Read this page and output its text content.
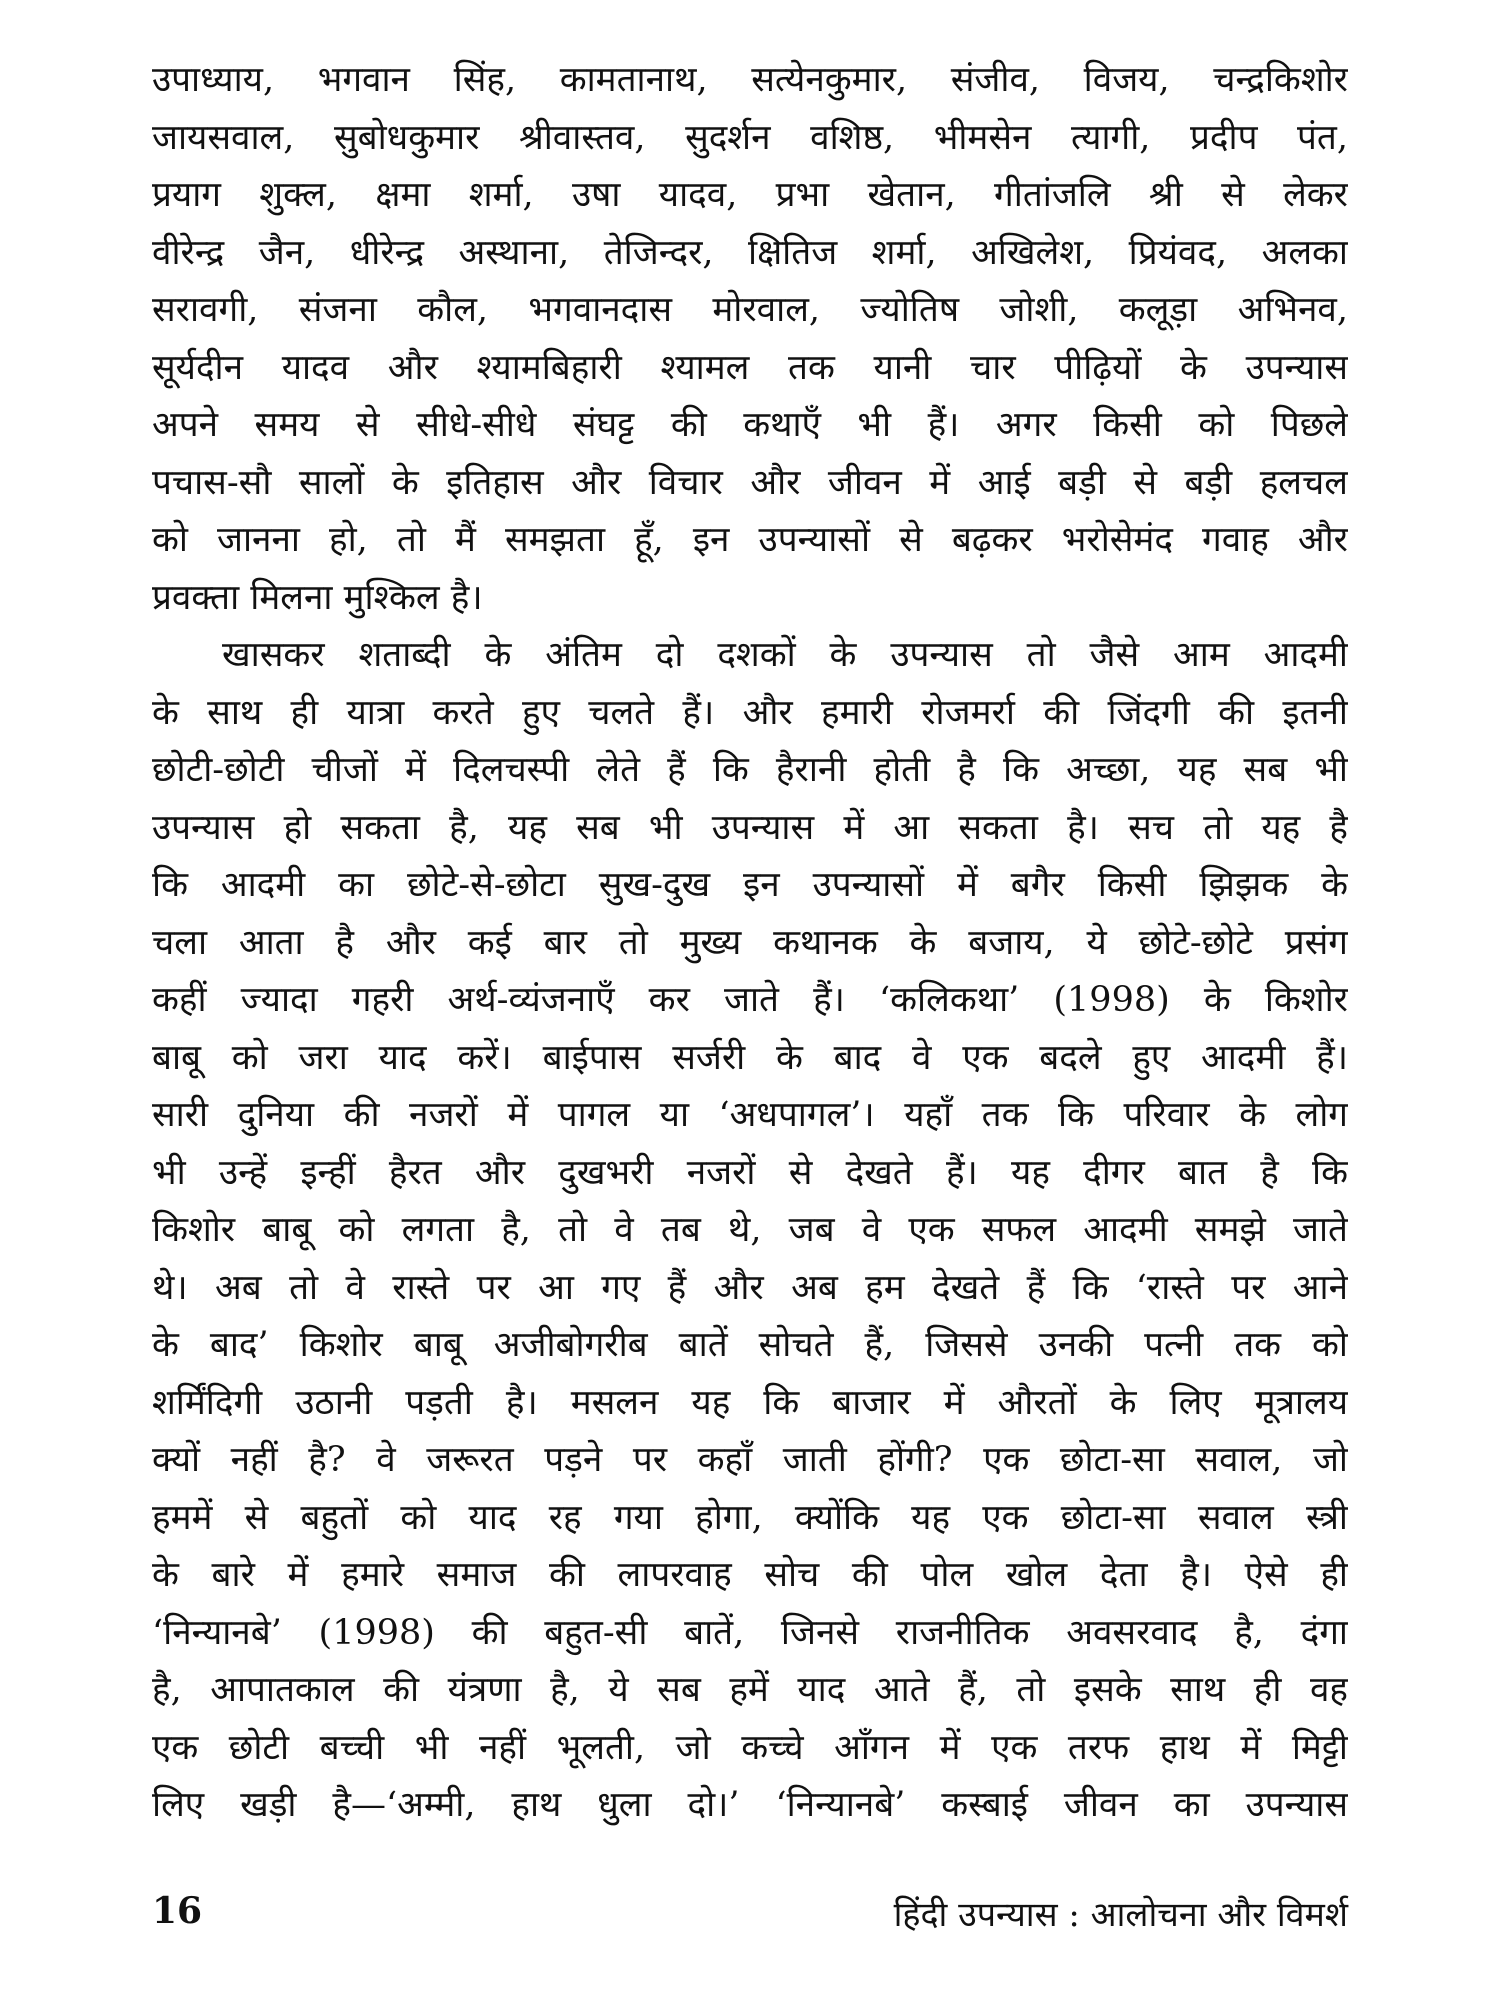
उपाध्याय, भगवान सिंह, कामतानाथ, सत्येनकुमार, संजीव, विजय, चन्द्रकिशोर
जायसवाल, सुबोधकुमार श्रीवास्तव, सुदर्शन वशिष्ठ, भीमसेन त्यागी, प्रदीप पंत,
प्रयाग शुक्ल, क्षमा शर्मा, उषा यादव, प्रभा खेतान, गीतांजलि श्री से लेकर
वीरेन्द्र जैन, धीरेन्द्र अस्थाना, तेजिन्दर, क्षितिज शर्मा, अखिलेश, प्रियंवद, अलका
सरावगी, संजना कौल, भगवानदास मोरवाल, ज्योतिष जोशी, कलूड़ा अभिनव,
सूर्यदीन यादव और श्यामबिहारी श्यामल तक यानी चार पीढ़ियों के उपन्यास
अपने समय से सीधे-सीधे संघट्ट की कथाएँ भी हैं। अगर किसी को पिछले
पचास-सौ सालों के इतिहास और विचार और जीवन में आई बड़ी से बड़ी हलचल
को जानना हो, तो मैं समझता हूँ, इन उपन्यासों से बढ़कर भरोसेमंद गवाह और
प्रवक्ता मिलना मुश्किल है।
खासकर शताब्दी के अंतिम दो दशकों के उपन्यास तो जैसे आम आदमी
के साथ ही यात्रा करते हुए चलते हैं। और हमारी रोजमर्रा की जिंदगी की इतनी
छोटी-छोटी चीजों में दिलचस्पी लेते हैं कि हैरानी होती है कि अच्छा, यह सब भी
उपन्यास हो सकता है, यह सब भी उपन्यास में आ सकता है। सच तो यह है
कि आदमी का छोटे-से-छोटा सुख-दुख इन उपन्यासों में बगैर किसी झिझक के
चला आता है और कई बार तो मुख्य कथानक के बजाय, ये छोटे-छोटे प्रसंग
कहीं ज्यादा गहरी अर्थ-व्यंजनाएँ कर जाते हैं। ‘कलिकथा’ (1998) के किशोर
बाबू को जरा याद करें। बाईपास सर्जरी के बाद वे एक बदले हुए आदमी हैं।
सारी दुनिया की नजरों में पागल या ‘अधपागल’। यहाँ तक कि परिवार के लोग
भी उन्हें इन्हीं हैरत और दुखभरी नजरों से देखते हैं। यह दीगर बात है कि
किशोर बाबू को लगता है, तो वे तब थे, जब वे एक सफल आदमी समझे जाते
थे। अब तो वे रास्ते पर आ गए हैं और अब हम देखते हैं कि ‘रास्ते पर आने
के बाद’ किशोर बाबू अजीबोगरीब बातें सोचते हैं, जिससे उनकी पत्नी तक को
शर्मिंदिगी उठानी पड़ती है। मसलन यह कि बाजार में औरतों के लिए मूत्रालय
क्यों नहीं है? वे जरूरत पड़ने पर कहाँ जाती होंगी? एक छोटा-सा सवाल, जो
हममें से बहुतों को याद रह गया होगा, क्योंकि यह एक छोटा-सा सवाल स्त्री
के बारे में हमारे समाज की लापरवाह सोच की पोल खोल देता है। ऐसे ही
‘निन्यानबे’ (1998) की बहुत-सी बातें, जिनसे राजनीतिक अवसरवाद है, दंगा
है, आपातकाल की यंत्रणा है, ये सब हमें याद आते हैं, तो इसके साथ ही वह
एक छोटी बच्ची भी नहीं भूलती, जो कच्चे आँगन में एक तरफ हाथ में मिट्टी
लिए खड़ी है—‘अम्मी, हाथ धुला दो।’ ‘निन्यानबे’ कस्बाई जीवन का उपन्यास
16	हिंदी उपन्यास : आलोचना और विमर्श
